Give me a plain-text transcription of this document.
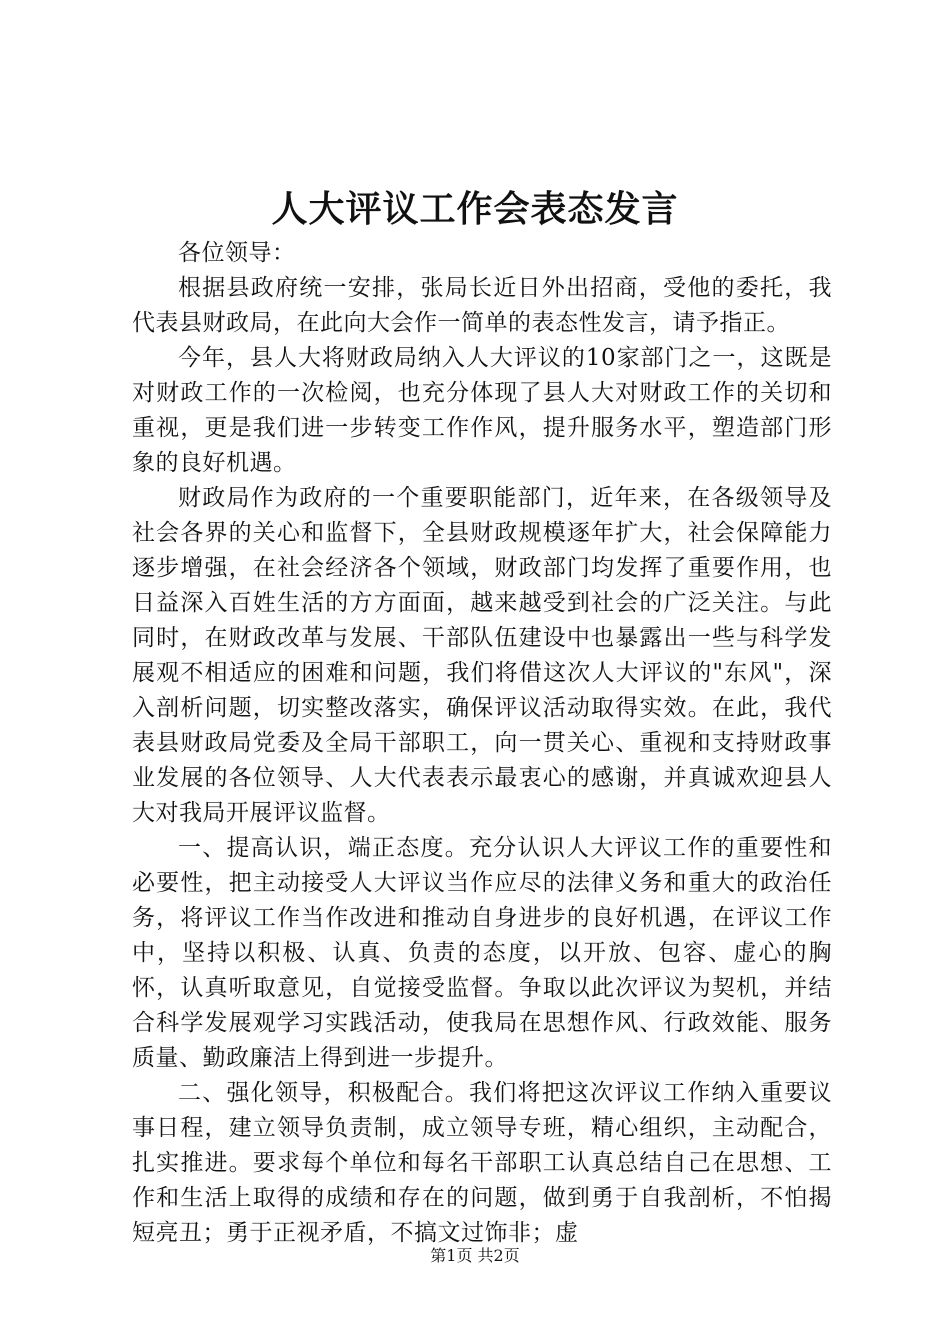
人大评议工作会表态发言

各位领导：

根据县政府统一安排，张局长近日外出招商，受他的委托，我代表县财政局，在此向大会作一简单的表态性发言，请予指正。

今年，县人大将财政局纳入人大评议的10家部门之一，这既是对财政工作的一次检阅，也充分体现了县人大对财政工作的关切和重视，更是我们进一步转变工作作风，提升服务水平，塑造部门形象的良好机遇。

财政局作为政府的一个重要职能部门，近年来，在各级领导及社会各界的关心和监督下，全县财政规模逐年扩大，社会保障能力逐步增强，在社会经济各个领域，财政部门均发挥了重要作用，也日益深入百姓生活的方方面面，越来越受到社会的广泛关注。与此同时，在财政改革与发展、干部队伍建设中也暴露出一些与科学发展观不相适应的困难和问题，我们将借这次人大评议的"东风"，深入剖析问题，切实整改落实，确保评议活动取得实效。在此，我代表县财政局党委及全局干部职工，向一贯关心、重视和支持财政事业发展的各位领导、人大代表表示最衷心的感谢，并真诚欢迎县人大对我局开展评议监督。

一、提高认识，端正态度。充分认识人大评议工作的重要性和必要性，把主动接受人大评议当作应尽的法律义务和重大的政治任务，将评议工作当作改进和推动自身进步的良好机遇，在评议工作中，坚持以积极、认真、负责的态度，以开放、包容、虚心的胸怀，认真听取意见，自觉接受监督。争取以此次评议为契机，并结合科学发展观学习实践活动，使我局在思想作风、行政效能、服务质量、勤政廉洁上得到进一步提升。

二、强化领导，积极配合。我们将把这次评议工作纳入重要议事日程，建立领导负责制，成立领导专班，精心组织，主动配合，扎实推进。要求每个单位和每名干部职工认真总结自己在思想、工作和生活上取得的成绩和存在的问题，做到勇于自我剖析，不怕揭短亮丑；勇于正视矛盾，不搞文过饰非；虚

第1页 共2页
